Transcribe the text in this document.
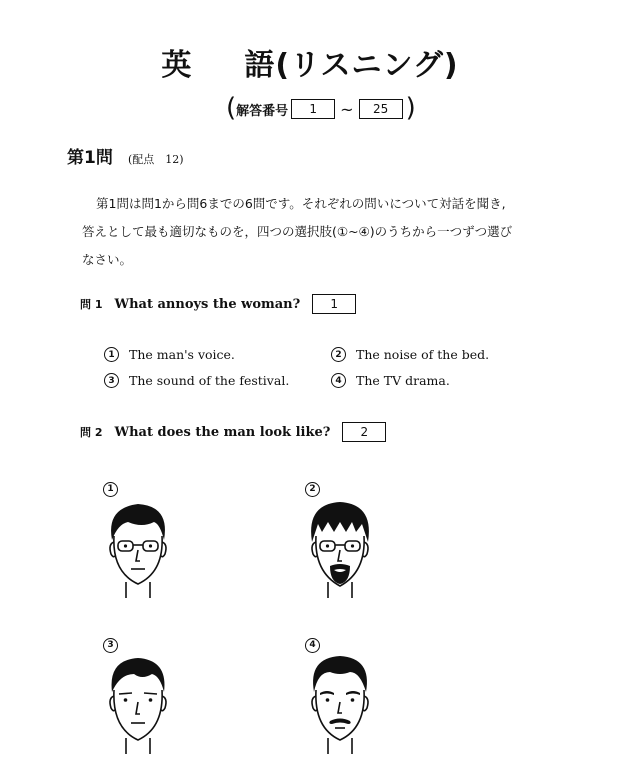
英 語(リスニング)
( 解答番号	1	~	25 )
第1問 (配点　12)

第1問は問1から問6までの6問です。それぞれの問いについて対話を聞き,

答えとして最も適切なものを，四つの選択肢(①~④)のうちから一つずつ選び

なさい。

問 1 What annoys the woman?	1
1	The man's voice.	2	The noise of the bed.
3	The sound of the festival.	4	The TV drama.
問 2 What does the man look like?	2
1	2
3	4
